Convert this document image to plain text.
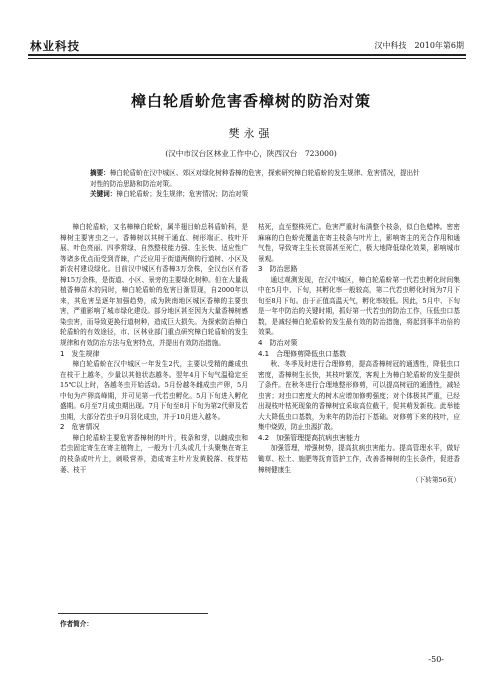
林业科技	汉中科技　2010年第6期
樟白轮盾蚧危害香樟树的防治对策
樊永强
(汉中市汉台区林业工作中心，陕西汉台　723000)
摘要：樟白轮盾蚧在汉中城区、郊区对绿化树种香樟的危害，探索研究樟白轮盾蚧的发生规律、危害情况，提出针对性的防治思路和防治对策。
关键词：樟白轮盾蚧；发生规律；危害情况；防治对策

樟白轮盾蚧，又名樟樟白轮蚧，属半翅目蚧总科盾蚧科，是樟树主要害虫之一。香樟树以其树干通直、树形端正、枝叶开展、叶色亮丽、四季常绿、自然整枝能力强、生长快、适应性广等诸多优点而受到青睐，广泛应用于街道两侧的行道树、小区及新农村建设绿化。目前汉中城区有香樟3万余株，全汉台区有香樟15万余株，是街道、小区、景旁的主要绿化树种。但在大量栽植香樟苗木的同时，樟白轮盾蚧的危害日渐显现，自2000年以来，其危害呈逐年加强趋势，成为陕南地区城区香樟的主要虫害，严重影响了城市绿化建设。部分地区甚至因为大量香樟树感染虫害，而导致更换行道树种，造成巨大损失。为探索防治樟白轮盾蚧的有效途径，市、区林业部门重点研究樟白轮盾蚧的发生规律和有效防治方法与危害特点，并提出有效防治措施。

1　发生规律

樟白轮盾蚧在汉中城区一年发生2代，主要以受精的雌成虫在枝干上越冬，少量以其他状态越冬。翌年4月下旬气温稳定至15℃以上时，各越冬虫开始活动。5月份越冬雌成虫产卵，5月中旬为产卵高峰期，并可见第一代若虫孵化。5月下旬进入孵化盛期。6月至7月成虫期出现。7月下旬至8月下旬为第2代卵及若虫期，大部分若虫于9月羽化成虫，并于10月进入越冬。

2　危害情况

樟白轮盾蚧主要危害香樟树的叶片，枝条和芽，以雌成虫和若虫固定寄生在寄主植物上，一般为十几头或几十头聚集在寄主的枝条或叶片上，刺吸营养，造成寄主叶片发黄脱落、枝芽枯萎、枝干

枯死，直至整株死亡。危害严重时布满整个枝条，似白色蜡棒。密密麻麻的白色蚧壳覆盖在寄主枝条与叶片上，影响寄主的光合作用和通气性，导致寄主生长衰弱甚至死亡，极大地降低绿化效果，影响城市景观。

3　防治思路

通过观测发现，在汉中城区，樟白轮盾蚧第一代若虫孵化时间集中在5月中、下旬，其孵化率一般较高，第二代若虫孵化时间为7月下旬至8月下旬。由于正值高温天气，孵化率较低。因此，5月中、下旬是一年中防治的关键时期，抓好第一代若虫的防治工作，压低虫口基数，是减轻樟白轮盾蚧的发生最有效的防治措施，将起到事半功倍的效果。

4　防治对策
4.1　合理修剪降低虫口基数

秋、冬季及时进行合理修剪，提高香樟树冠的通透性，降低虫口密度，香樟树生长快，其枝叶繁茂，客观上为樟白轮盾蚧的发生提供了条件。在秋冬进行合理地整形修剪，可以提高树冠的通透性，减轻虫害；对虫口密度大的树木应增加修剪强度；对个体极其严重，已经出现枝叶枯死现象的香樟树宜采取高位截干，促其萌发新枝。此举能大大降低虫口基数，为来年的防治打下基础。对修剪下来的枝叶，应集中烧毁，防止虫源扩散。

4.2　加强管理提高抗病虫害能力

加强管理，增强树势，提高抗病虫害能力。提高管理水平，做好锄草、松土、施肥等抚育管护工作，改善香樟树的生长条件，促进香樟树健康生

（下转第56页）

作者简介：
-50-
